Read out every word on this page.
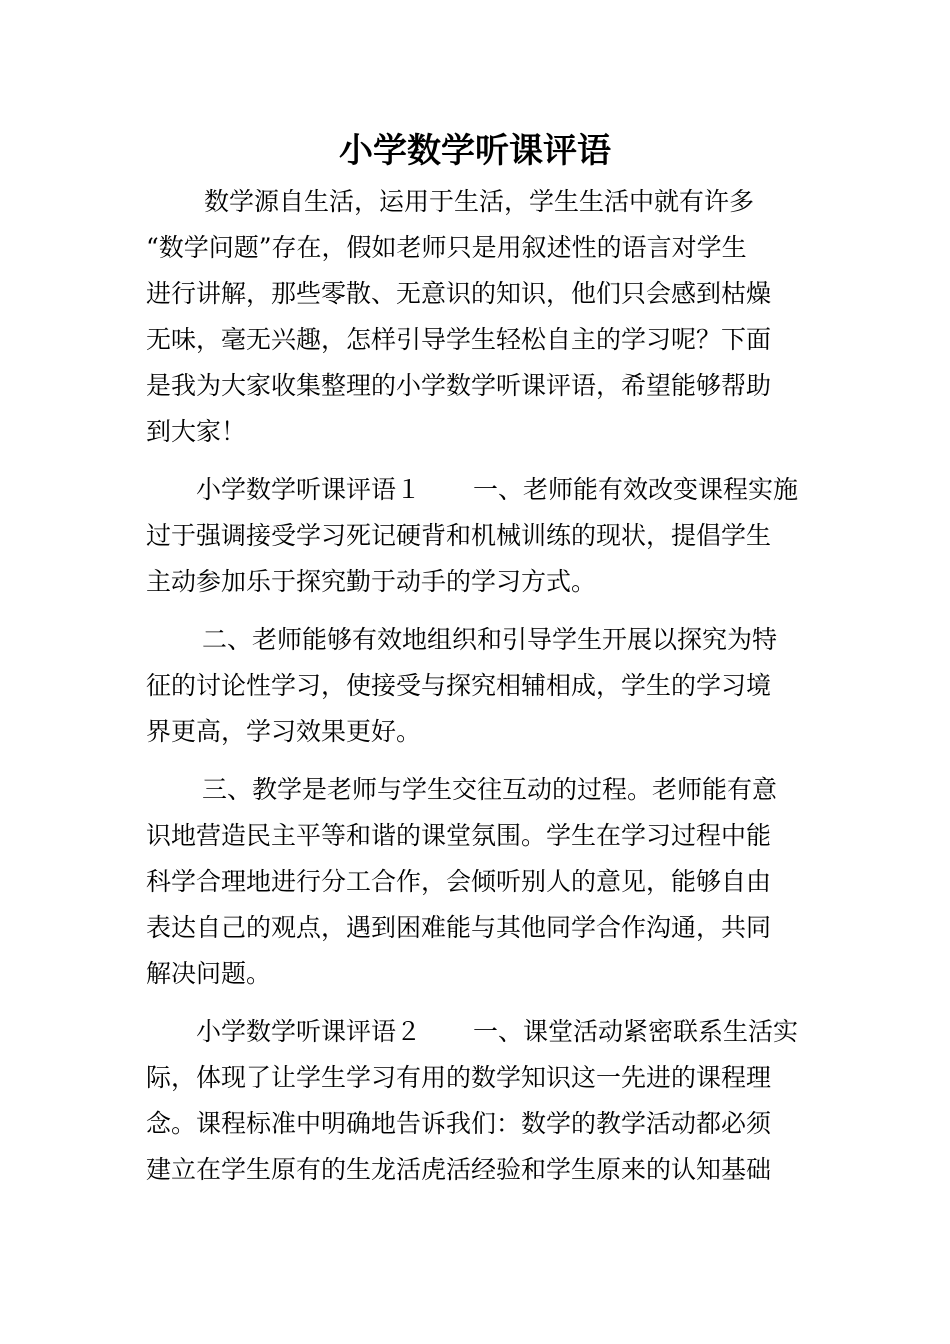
小学数学听课评语
数学源自生活，运用于生活，学生生活中就有许多
“数学问题”存在，假如老师只是用叙述性的语言对学生
进行讲解，那些零散、无意识的知识，他们只会感到枯燥
无味，毫无兴趣，怎样引导学生轻松自主的学习呢？下面
是我为大家收集整理的小学数学听课评语，希望能够帮助
到大家！
小学数学听课评语１ 一、老师能有效改变课程实施
过于强调接受学习死记硬背和机械训练的现状，提倡学生
主动参加乐于探究勤于动手的学习方式。
二、老师能够有效地组织和引导学生开展以探究为特
征的讨论性学习，使接受与探究相辅相成，学生的学习境
界更高，学习效果更好。
三、教学是老师与学生交往互动的过程。老师能有意
识地营造民主平等和谐的课堂氛围。学生在学习过程中能
科学合理地进行分工合作，会倾听别人的意见，能够自由
表达自己的观点，遇到困难能与其他同学合作沟通，共同
解决问题。
小学数学听课评语２ 一、课堂活动紧密联系生活实
际，体现了让学生学习有用的数学知识这一先进的课程理
念。课程标准中明确地告诉我们：数学的教学活动都必须
建立在学生原有的生龙活虎活经验和学生原来的认知基础
